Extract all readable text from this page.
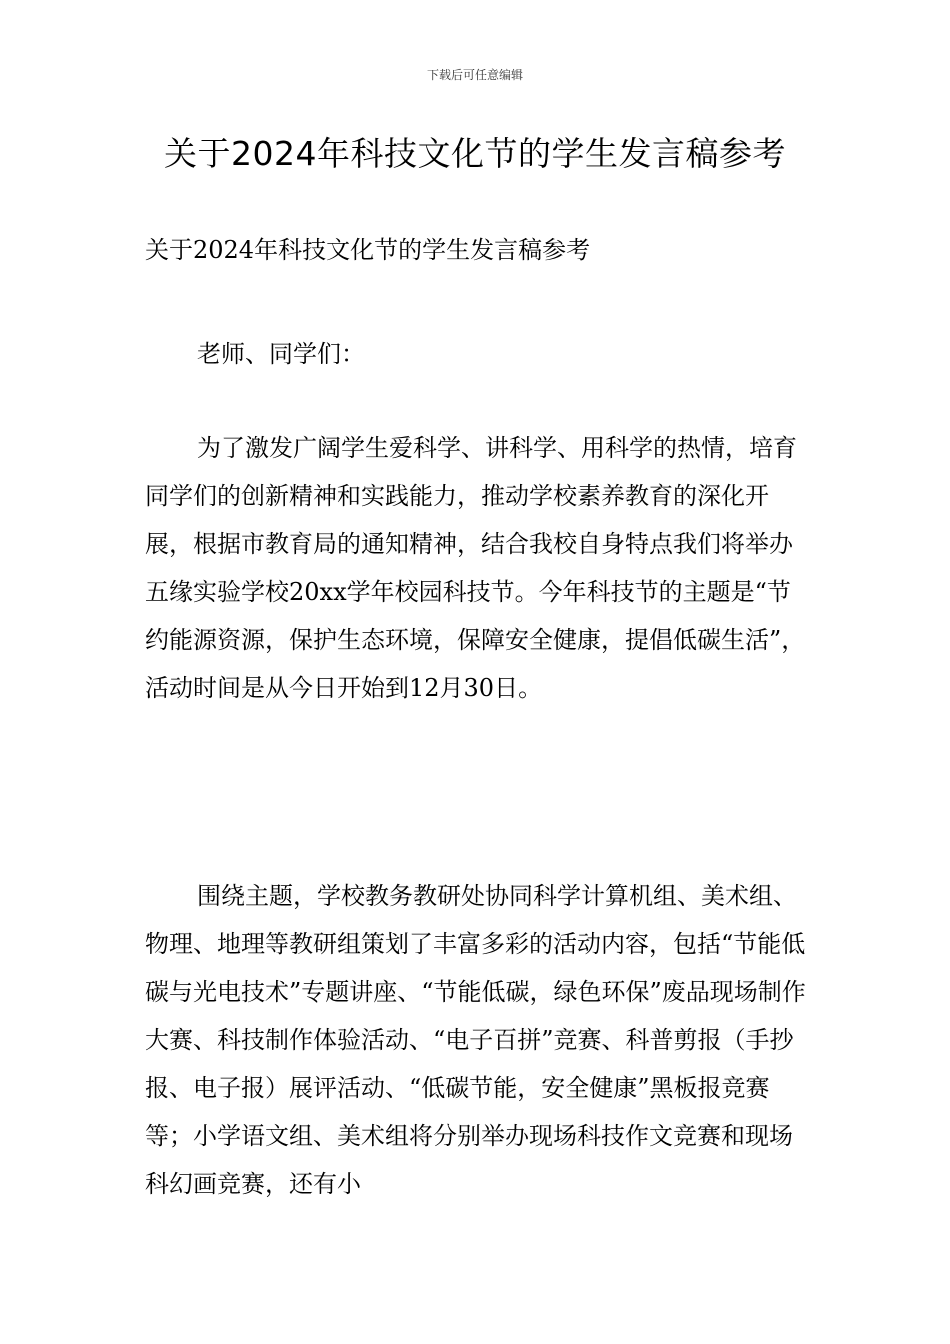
下载后可任意编辑
关于2024年科技文化节的学生发言稿参考

关于2024年科技文化节的学生发言稿参考

老师、同学们：

为了激发广阔学生爱科学、讲科学、用科学的热情，培育同学们的创新精神和实践能力，推动学校素养教育的深化开展，根据市教育局的通知精神，结合我校自身特点我们将举办五缘实验学校20xx学年校园科技节。今年科技节的主题是“节约能源资源，保护生态环境，保障安全健康，提倡低碳生活”，活动时间是从今日开始到12月30日。

围绕主题，学校教务教研处协同科学计算机组、美术组、物理、地理等教研组策划了丰富多彩的活动内容，包括“节能低碳与光电技术”专题讲座、“节能低碳，绿色环保”废品现场制作大赛、科技制作体验活动、“电子百拼”竞赛、科普剪报（手抄报、电子报）展评活动、“低碳节能，安全健康”黑板报竞赛等；小学语文组、美术组将分别举办现场科技作文竞赛和现场科幻画竞赛，还有小
